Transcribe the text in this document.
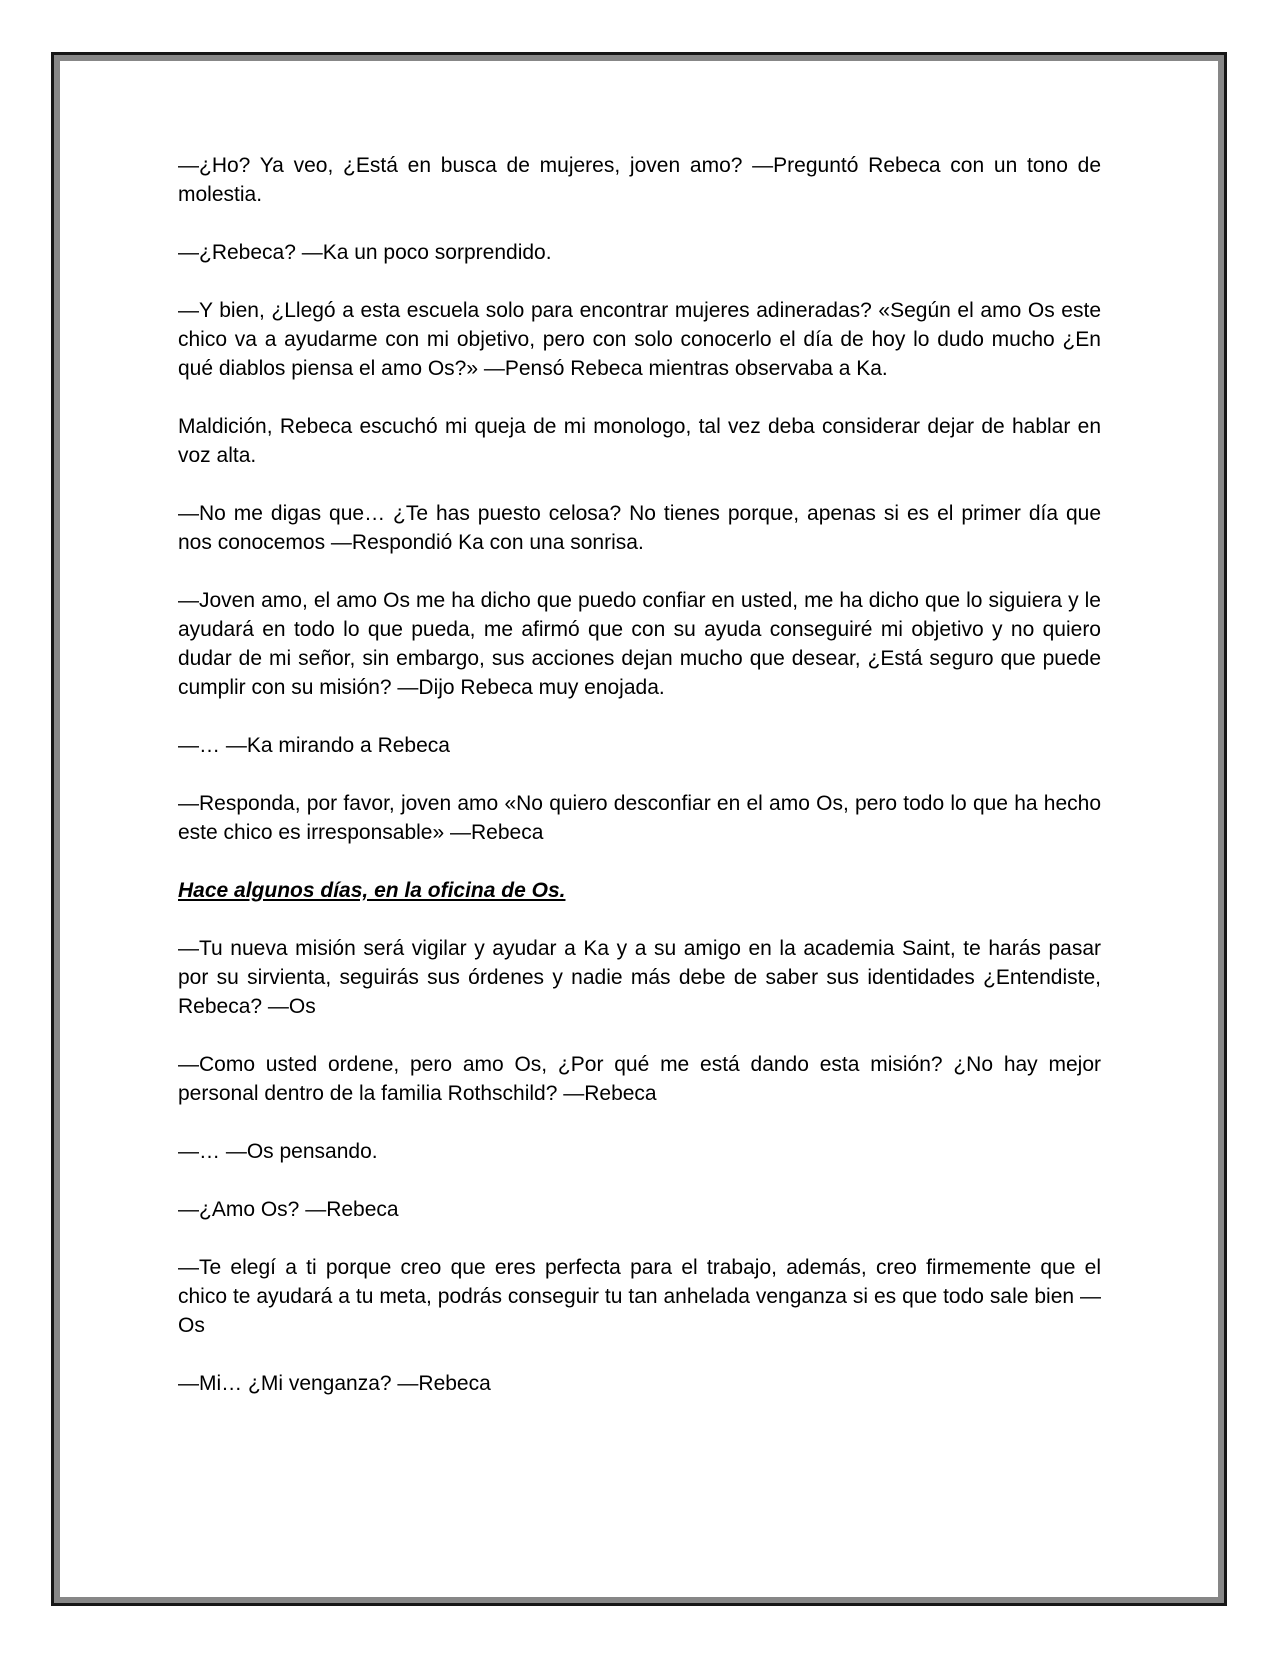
—¿Ho? Ya veo, ¿Está en busca de mujeres, joven amo? —Preguntó Rebeca con un tono de molestia.

—¿Rebeca? —Ka un poco sorprendido.

—Y bien, ¿Llegó a esta escuela solo para encontrar mujeres adineradas? «Según el amo Os este chico va a ayudarme con mi objetivo, pero con solo conocerlo el día de hoy lo dudo mucho ¿En qué diablos piensa el amo Os?» —Pensó Rebeca mientras observaba a Ka.

Maldición, Rebeca escuchó mi queja de mi monologo, tal vez deba considerar dejar de hablar en voz alta.

—No me digas que… ¿Te has puesto celosa? No tienes porque, apenas si es el primer día que nos conocemos —Respondió Ka con una sonrisa.

—Joven amo, el amo Os me ha dicho que puedo confiar en usted, me ha dicho que lo siguiera y le ayudará en todo lo que pueda, me afirmó que con su ayuda conseguiré mi objetivo y no quiero dudar de mi señor, sin embargo, sus acciones dejan mucho que desear, ¿Está seguro que puede cumplir con su misión? —Dijo Rebeca muy enojada.

—… —Ka mirando a Rebeca

—Responda, por favor, joven amo «No quiero desconfiar en el amo Os, pero todo lo que ha hecho este chico es irresponsable» —Rebeca

Hace algunos días, en la oficina de Os.

—Tu nueva misión será vigilar y ayudar a Ka y a su amigo en la academia Saint, te harás pasar por su sirvienta, seguirás sus órdenes y nadie más debe de saber sus identidades ¿Entendiste, Rebeca? —Os

—Como usted ordene, pero amo Os, ¿Por qué me está dando esta misión? ¿No hay mejor personal dentro de la familia Rothschild? —Rebeca

—… —Os pensando.

—¿Amo Os? —Rebeca

—Te elegí a ti porque creo que eres perfecta para el trabajo, además, creo firmemente que el chico te ayudará a tu meta, podrás conseguir tu tan anhelada venganza si es que todo sale bien —Os

—Mi… ¿Mi venganza? —Rebeca
